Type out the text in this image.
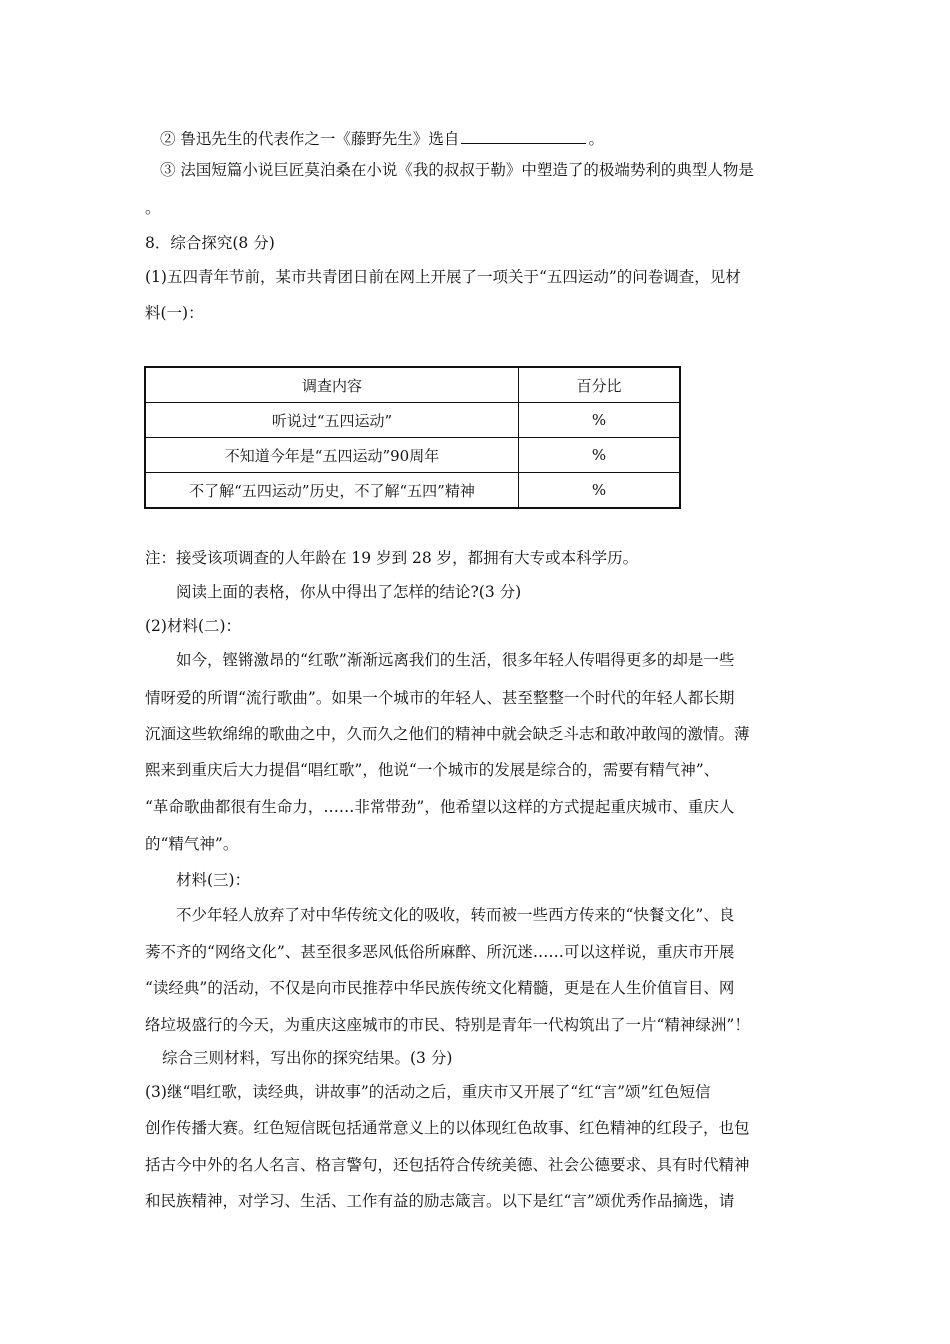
② 鲁迅先生的代表作之一《藤野先生》选自	。
③ 法国短篇小说巨匠莫泊桑在小说《我的叔叔于勒》中塑造了的极端势利的典型人物是
。
8．综合探究(8 分)
(1)五四青年节前，某市共青团日前在网上开展了一项关于“五四运动”的问卷调查，见材
料(一)：
调查内容	百分比
听说过“五四运动”	%
不知道今年是“五四运动”90周年	%
不了解“五四运动”历史，不了解“五四”精神	%
注：接受该项调查的人年龄在 19 岁到 28 岁，都拥有大专或本科学历。
阅读上面的表格，你从中得出了怎样的结论?(3 分)
(2)材料(二)：
如今，铿锵激昂的“红歌”渐渐远离我们的生活，很多年轻人传唱得更多的却是一些
情呀爱的所谓“流行歌曲”。如果一个城市的年轻人、甚至整整一个时代的年轻人都长期
沉湎这些软绵绵的歌曲之中，久而久之他们的精神中就会缺乏斗志和敢冲敢闯的激情。薄
熙来到重庆后大力提倡“唱红歌”，他说“一个城市的发展是综合的，需要有精气神”、
“革命歌曲都很有生命力，……非常带劲”，他希望以这样的方式提起重庆城市、重庆人
的“精气神”。
材料(三)：
不少年轻人放弃了对中华传统文化的吸收，转而被一些西方传来的“快餐文化”、良
莠不齐的“网络文化”、甚至很多恶风低俗所麻醉、所沉迷……可以这样说，重庆市开展
“读经典”的活动，不仅是向市民推荐中华民族传统文化精髓，更是在人生价值盲目、网
络垃圾盛行的今天，为重庆这座城市的市民、特别是青年一代构筑出了一片“精神绿洲”！
综合三则材料，写出你的探究结果。(3 分)
(3)继“唱红歌，读经典，讲故事”的活动之后，重庆市又开展了“红“言”颂”红色短信
创作传播大赛。红色短信既包括通常意义上的以体现红色故事、红色精神的红段子，也包
括古今中外的名人名言、格言警句，还包括符合传统美德、社会公德要求、具有时代精神
和民族精神，对学习、生活、工作有益的励志箴言。以下是红“言”颂优秀作品摘选，请
